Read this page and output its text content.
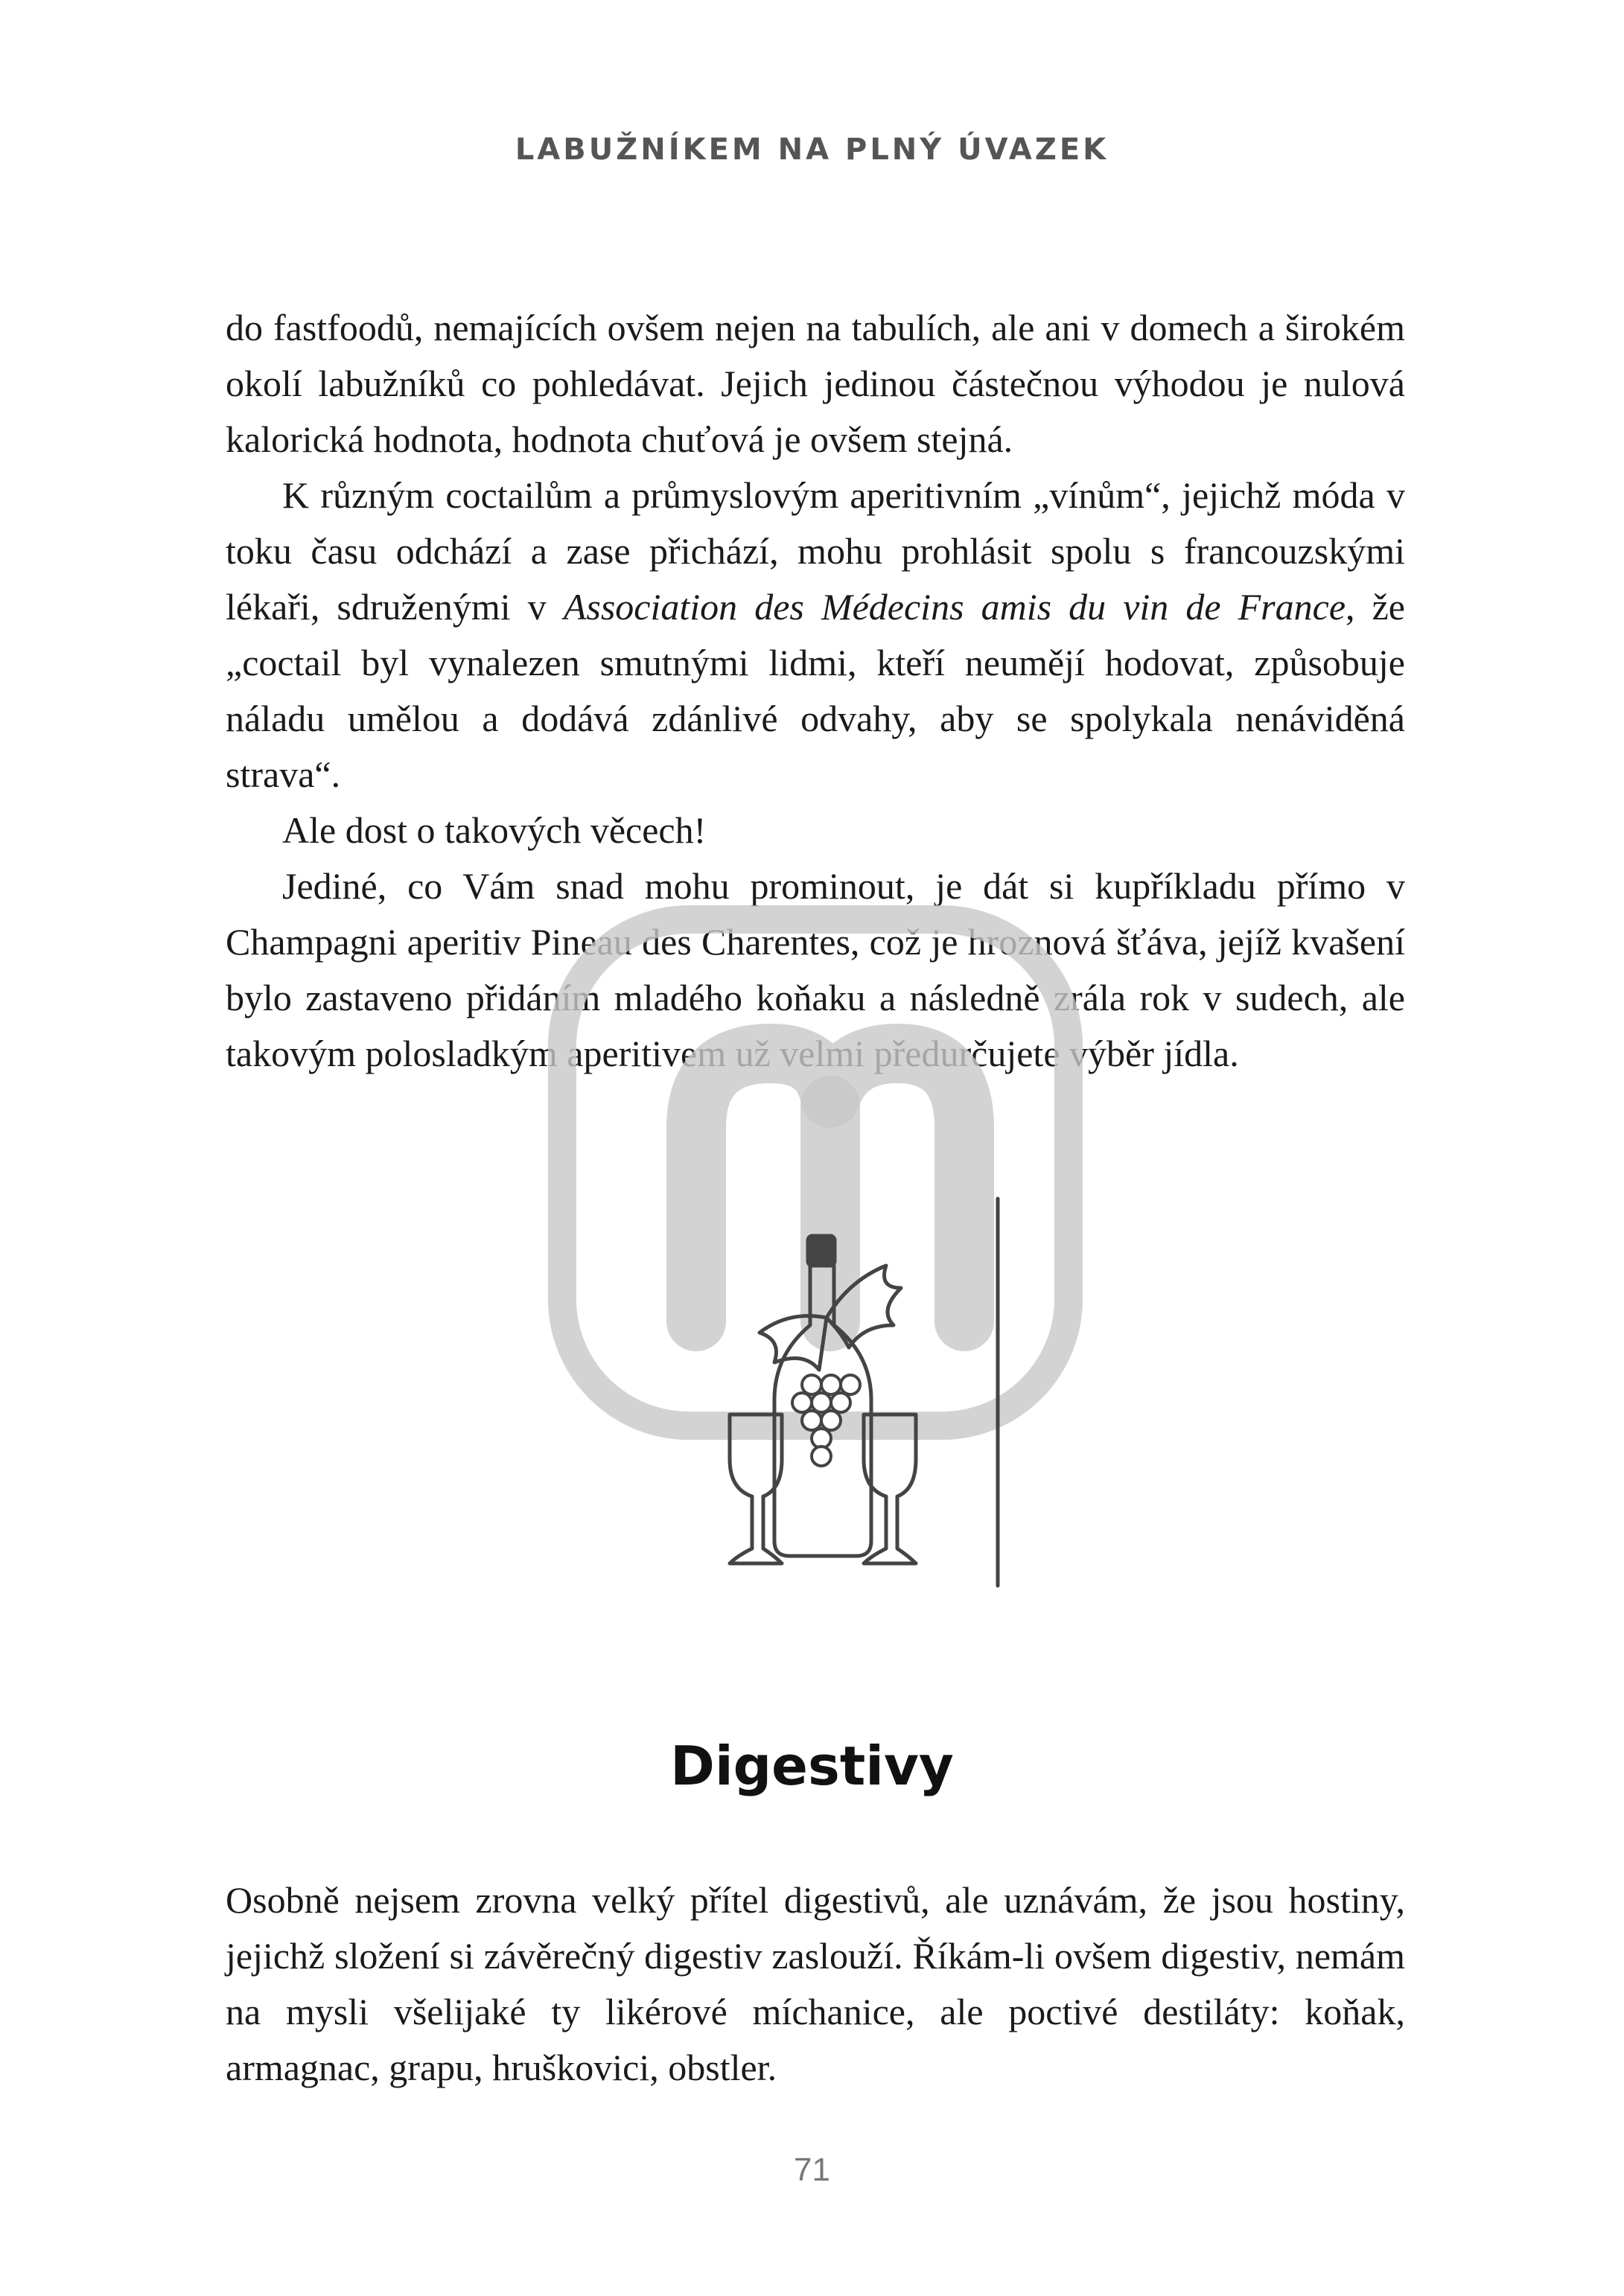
LABUŽNÍKEM NA PLNÝ ÚVAZEK

do fastfoodů, nemajících ovšem nejen na tabulích, ale ani v domech a širokém okolí labužníků co pohledávat. Jejich jedinou částečnou výhodou je nulová kalorická hodnota, hodnota chuťová je ovšem stejná.

K různým coctailům a průmyslovým aperitivním „vínům“, jejichž móda v toku času odchází a zase přichází, mohu prohlásit spolu s francouzskými lékaři, sdruženými v Association des Médecins amis du vin de France, že „coctail byl vynalezen smutnými lidmi, kteří neumějí hodovat, způsobuje náladu umělou a dodává zdánlivé odvahy, aby se spolykala nenáviděná strava“.

Ale dost o takových věcech!

Jediné, co Vám snad mohu prominout, je dát si kupříkladu přímo v Champagni aperitiv Pineau des Charentes, což je hroznová šťáva, jejíž kvašení bylo zastaveno přidáním mladého koňaku a následně zrála rok v sudech, ale takovým polosladkým aperitivem už velmi předurčujete výběr jídla.

Digestivy

Osobně nejsem zrovna velký přítel digestivů, ale uznávám, že jsou hostiny, jejichž složení si závěrečný digestiv zaslouží. Říkám-li ovšem digestiv, nemám na mysli všelijaké ty likérové míchanice, ale poctivé destiláty: koňak, armagnac, grapu, hruškovici, obstler.

71
